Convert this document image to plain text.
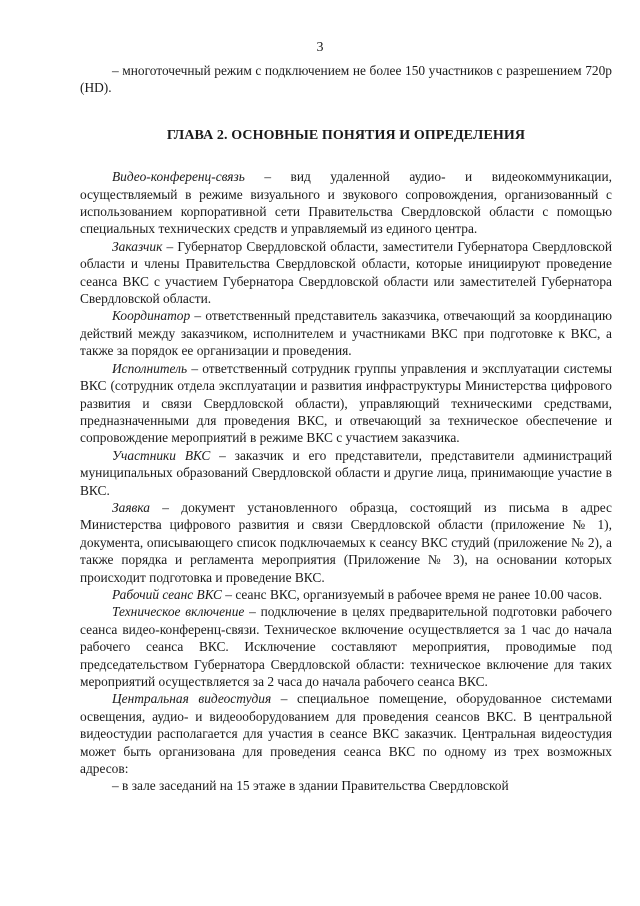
3

– многоточечный режим с подключением не более 150 участников с разрешением 720р (HD).

ГЛАВА 2. ОСНОВНЫЕ ПОНЯТИЯ И ОПРЕДЕЛЕНИЯ

Видео-конференц-связь – вид удаленной аудио- и видеокоммуникации, осуществляемый в режиме визуального и звукового сопровождения, организованный с использованием корпоративной сети Правительства Свердловской области с помощью специальных технических средств и управляемый из единого центра.

Заказчик – Губернатор Свердловской области, заместители Губернатора Свердловской области и члены Правительства Свердловской области, которые инициируют проведение сеанса ВКС с участием Губернатора Свердловской области или заместителей Губернатора Свердловской области.

Координатор – ответственный представитель заказчика, отвечающий за координацию действий между заказчиком, исполнителем и участниками ВКС при подготовке к ВКС, а также за порядок ее организации и проведения.

Исполнитель – ответственный сотрудник группы управления и эксплуатации системы ВКС (сотрудник отдела эксплуатации и развития инфраструктуры Министерства цифрового развития и связи Свердловской области), управляющий техническими средствами, предназначенными для проведения ВКС, и отвечающий за техническое обеспечение и сопровождение мероприятий в режиме ВКС с участием заказчика.

Участники ВКС – заказчик и его представители, представители администраций муниципальных образований Свердловской области и другие лица, принимающие участие в ВКС.

Заявка – документ установленного образца, состоящий из письма в адрес Министерства цифрового развития и связи Свердловской области (приложение № 1), документа, описывающего список подключаемых к сеансу ВКС студий (приложение № 2), а также порядка и регламента мероприятия (Приложение № 3), на основании которых происходит подготовка и проведение ВКС.

Рабочий сеанс ВКС – сеанс ВКС, организуемый в рабочее время не ранее 10.00 часов.

Техническое включение – подключение в целях предварительной подготовки рабочего сеанса видео-конференц-связи. Техническое включение осуществляется за 1 час до начала рабочего сеанса ВКС. Исключение составляют мероприятия, проводимые под председательством Губернатора Свердловской области: техническое включение для таких мероприятий осуществляется за 2 часа до начала рабочего сеанса ВКС.

Центральная видеостудия – специальное помещение, оборудованное системами освещения, аудио- и видеооборудованием для проведения сеансов ВКС. В центральной видеостудии располагается для участия в сеансе ВКС заказчик. Центральная видеостудия может быть организована для проведения сеанса ВКС по одному из трех возможных адресов:

– в зале заседаний на 15 этаже в здании Правительства Свердловской
